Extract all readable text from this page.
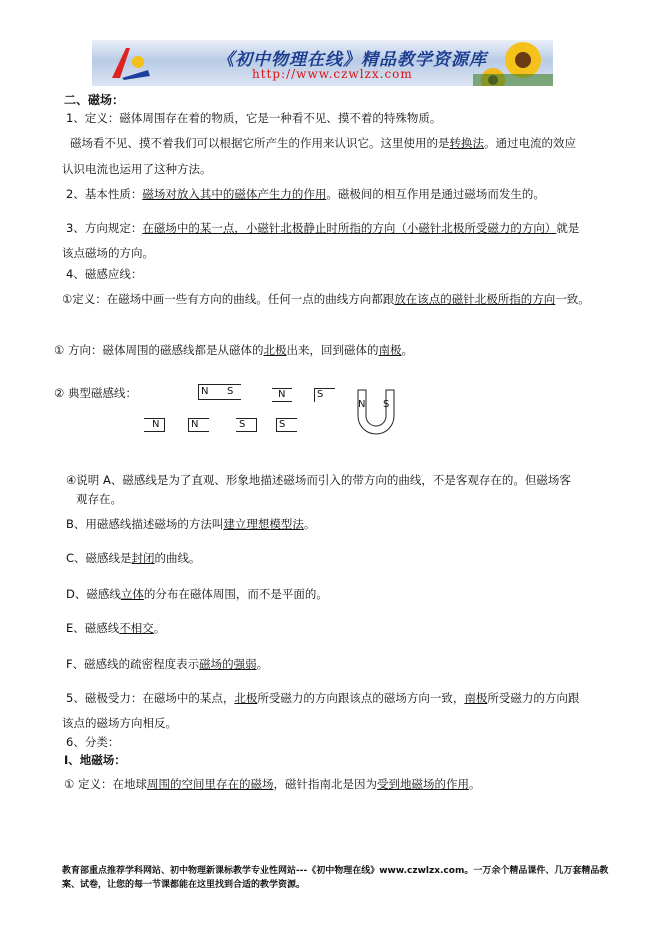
《初中物理在线》精品教学资源库
http://www.czwlzx.com
二、磁场：
1、定义：磁体周围存在着的物质，它是一种看不见、摸不着的特殊物质。
磁场看不见、摸不着我们可以根据它所产生的作用来认识它。这里使用的是转换法。通过电流的效应
认识电流也运用了这种方法。
2、基本性质：磁场对放入其中的磁体产生力的作用。磁极间的相互作用是通过磁场而发生的。
3、方向规定：在磁场中的某一点，小磁针北极静止时所指的方向（小磁针北极所受磁力的方向）就是
该点磁场的方向。
4、磁感应线：
①定义：在磁场中画一些有方向的曲线。任何一点的曲线方向都跟放在该点的磁针北极所指的方向一致。
① 方向：磁体周围的磁感线都是从磁体的北极出来，回到磁体的南极。
② 典型磁感线：	N S	N	S
N S
N	N	S	S
④说明 A、磁感线是为了直观、形象地描述磁场而引入的带方向的曲线，不是客观存在的。但磁场客
观存在。
B、用磁感线描述磁场的方法叫建立理想模型法。
C、磁感线是封闭的曲线。
D、磁感线立体的分布在磁体周围，而不是平面的。
E、磁感线不相交。
F、磁感线的疏密程度表示磁场的强弱。
5、磁极受力：在磁场中的某点，北极所受磁力的方向跟该点的磁场方向一致，南极所受磁力的方向跟
该点的磁场方向相反。
6、分类：
Ⅰ、地磁场：
① 定义：在地球周围的空间里存在的磁场，磁针指南北是因为受到地磁场的作用。
教育部重点推荐学科网站、初中物理新课标教学专业性网站---《初中物理在线》www.czwlzx.com。一万余个精品课件、几万套精品教案、试卷，让您的每一节课都能在这里找到合适的教学资源。
